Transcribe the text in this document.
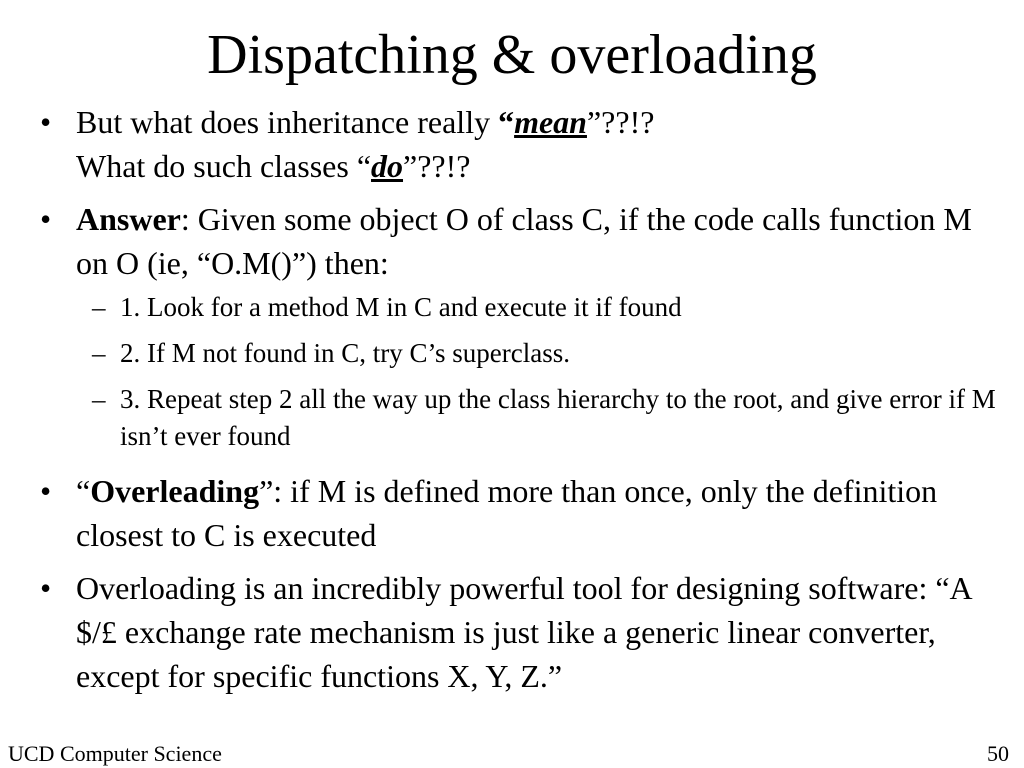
Dispatching & overloading
• But what does inheritance really “mean”??!?
What do such classes “do”??!?
• Answer: Given some object O of class C, if the code calls function M on O (ie, “O.M()”) then:
– 1. Look for a method M in C and execute it if found
– 2. If M not found in C, try C’s superclass.
– 3. Repeat step 2 all the way up the class hierarchy to the root, and give error if M isn’t ever found
• “Overleading”: if M is defined more than once, only the definition closest to C is executed
• Overloading is an incredibly powerful tool for designing software: “A $/£ exchange rate mechanism is just like a generic linear converter, except for specific functions X, Y, Z.”
UCD Computer Science	50
